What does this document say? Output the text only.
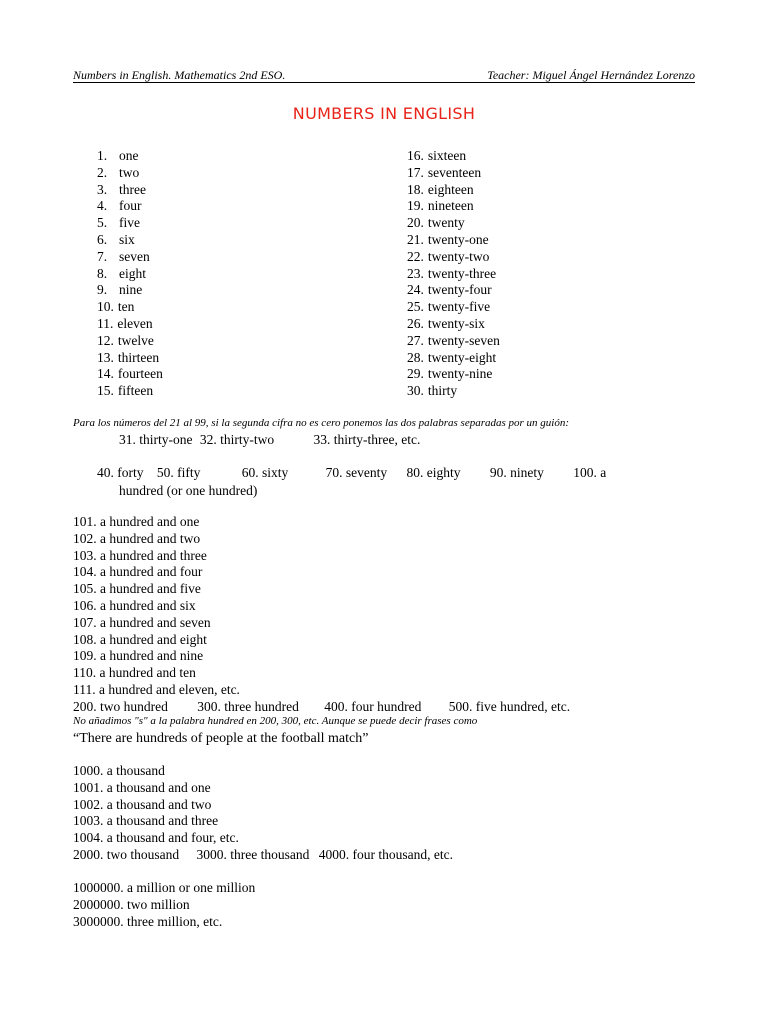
Numbers in English. Mathematics 2nd ESO.	Teacher: Miguel Ángel Hernández Lorenzo
NUMBERS IN ENGLISH
1. one
2. two
3. three
4. four
5. five
6. six
7. seven
8. eight
9. nine
10. ten
11. eleven
12. twelve
13. thirteen
14. fourteen
15. fifteen
16. sixteen
17. seventeen
18. eighteen
19. nineteen
20. twenty
21. twenty-one
22. twenty-two
23. twenty-three
24. twenty-four
25. twenty-five
26. twenty-six
27. twenty-seven
28. twenty-eight
29. twenty-nine
30. thirty
Para los números del 21 al 99, si la segunda cifra no es cero ponemos las dos palabras separadas por un guión:
31. thirty-one 32. thirty-two	33. thirty-three, etc.
40. forty 50. fifty	60. sixty	70. seventy 80. eighty 90. ninety 100. a
hundred (or one hundred)
101. a hundred and one
102. a hundred and two
103. a hundred and three
104. a hundred and four
105. a hundred and five
106. a hundred and six
107. a hundred and seven
108. a hundred and eight
109. a hundred and nine
110. a hundred and ten
111. a hundred and eleven, etc.
200. two hundred 300. three hundred 400. four hundred 500. five hundred, etc.
No añadimos "s" a la palabra hundred en 200, 300, etc. Aunque se puede decir frases como
“There are hundreds of people at the football match”
1000. a thousand
1001. a thousand and one
1002. a thousand and two
1003. a thousand and three
1004. a thousand and four, etc.
2000. two thousand 3000. three thousand 4000. four thousand, etc.
1000000. a million or one million
2000000. two million
3000000. three million, etc.
